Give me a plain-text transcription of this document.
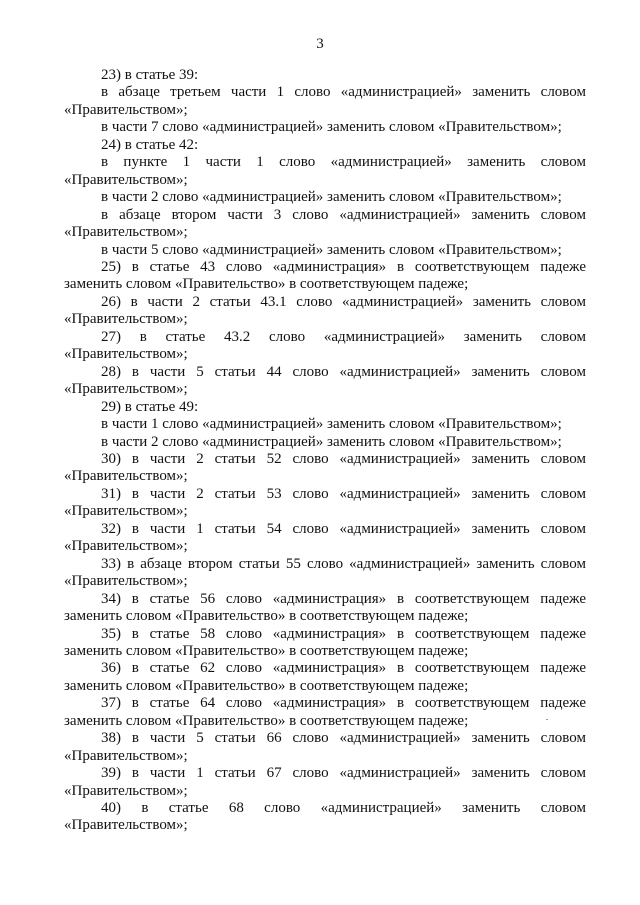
3

23) в статье 39:

в абзаце третьем части 1 слово «администрацией» заменить словом «Правительством»;

в части 7 слово «администрацией» заменить словом «Правительством»;

24) в статье 42:

в пункте 1 части 1 слово «администрацией» заменить словом «Правительством»;

в части 2 слово «администрацией» заменить словом «Правительством»;

в абзаце втором части 3 слово «администрацией» заменить словом «Правительством»;

в части 5 слово «администрацией» заменить словом «Правительством»;

25) в статье 43 слово «администрация» в соответствующем падеже заменить словом «Правительство» в соответствующем падеже;

26) в части 2 статьи 43.1 слово «администрацией» заменить словом «Правительством»;

27) в статье 43.2 слово «администрацией» заменить словом «Правительством»;

28) в части 5 статьи 44 слово «администрацией» заменить словом «Правительством»;

29) в статье 49:

в части 1 слово «администрацией» заменить словом «Правительством»;

в части 2 слово «администрацией» заменить словом «Правительством»;

30) в части 2 статьи 52 слово «администрацией» заменить словом «Правительством»;

31) в части 2 статьи 53 слово «администрацией» заменить словом «Правительством»;

32) в части 1 статьи 54 слово «администрацией» заменить словом «Правительством»;

33) в абзаце втором статьи 55 слово «администрацией» заменить словом «Правительством»;

34) в статье 56 слово «администрация» в соответствующем падеже заменить словом «Правительство» в соответствующем падеже;

35) в статье 58 слово «администрация» в соответствующем падеже заменить словом «Правительство» в соответствующем падеже;

36) в статье 62 слово «администрация» в соответствующем падеже заменить словом «Правительство» в соответствующем падеже;

37) в статье 64 слово «администрация» в соответствующем падеже заменить словом «Правительство» в соответствующем падеже;

38) в части 5 статьи 66 слово «администрацией» заменить словом «Правительством»;

39) в части 1 статьи 67 слово «администрацией» заменить словом «Правительством»;

40) в статье 68 слово «администрацией» заменить словом «Правительством»;
